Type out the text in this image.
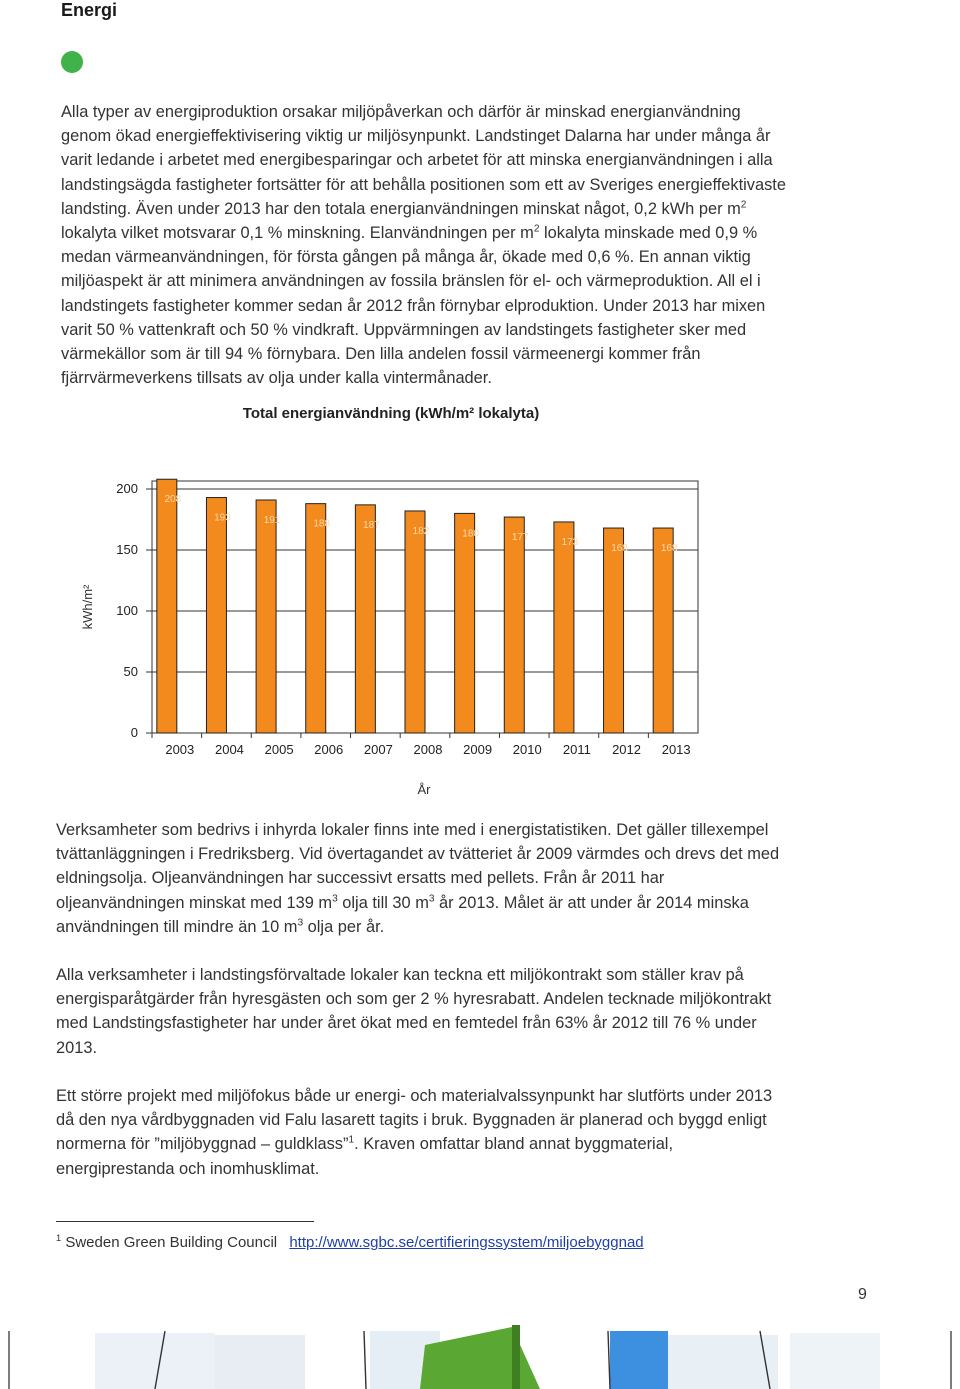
Energi

Alla typer av energiproduktion orsakar miljöpåverkan och därför är minskad energianvändning

genom ökad energieffektivisering viktig ur miljösynpunkt. Landstinget Dalarna har under många år

varit ledande i arbetet med energibesparingar och arbetet för att minska energianvändningen i alla

landstingsägda fastigheter fortsätter för att behålla positionen som ett av Sveriges energieffektivaste

landsting. Även under 2013 har den totala energianvändningen minskat något, 0,2 kWh per $m^2$

lokalyta vilket motsvarar 0,1 % minskning. Elanvändningen per $m^2$ lokalyta minskade med 0,9 %

medan värmeanvändningen, för första gången på många år, ökade med 0,6 %. En annan viktig

miljöaspekt är att minimera användningen av fossila bränslen för el- och värmeproduktion. All el i

landstingets fastigheter kommer sedan år 2012 från förnybar elproduktion. Under 2013 har mixen

varit 50 % vattenkraft och 50 % vindkraft. Uppvärmningen av landstingets fastigheter sker med

värmekällor som är till 94 % förnybara. Den lilla andelen fossil värmeenergi kommer från

fjärrvärmeverkens tillsats av olja under kalla vintermånader.

Total energianvändning (kWh/m² lokalyta)
kWh/m²
År
0
50
100
150
200
208
2003
193
2004
191
2005
188
2006
187
2007
182
2008
180
2009
177
2010
173
2011
168
2012
168
2013

Verksamheter som bedrivs i inhyrda lokaler finns inte med i energistatistiken. Det gäller tillexempel

tvättanläggningen i Fredriksberg. Vid övertagandet av tvätteriet år 2009 värmdes och drevs det med

eldningsolja. Oljeanvändningen har successivt ersatts med pellets. Från år 2011 har

oljeanvändningen minskat med 139 $m^3$ olja till 30 $m^3$ år 2013. Målet är att under år 2014 minska

användningen till mindre än 10 $m^3$ olja per år.

Alla verksamheter i landstingsförvaltade lokaler kan teckna ett miljökontrakt som ställer krav på

energisparåtgärder från hyresgästen och som ger 2 % hyresrabatt. Andelen tecknade miljökontrakt

med Landstingsfastigheter har under året ökat med en femtedel från 63% år 2012 till 76 % under

2013.

Ett större projekt med miljöfokus både ur energi- och materialvalssynpunkt har slutförts under 2013

då den nya vårdbyggnaden vid Falu lasarett tagits i bruk. Byggnaden är planerad och byggd enligt

normerna för ”miljöbyggnad – guldklass”$^1$. Kraven omfattar bland annat byggmaterial,

energiprestanda och inomhusklimat.

$^1$ Sweden Green Building Council http://www.sgbc.se/certifieringssystem/miljoebyggnad
9
